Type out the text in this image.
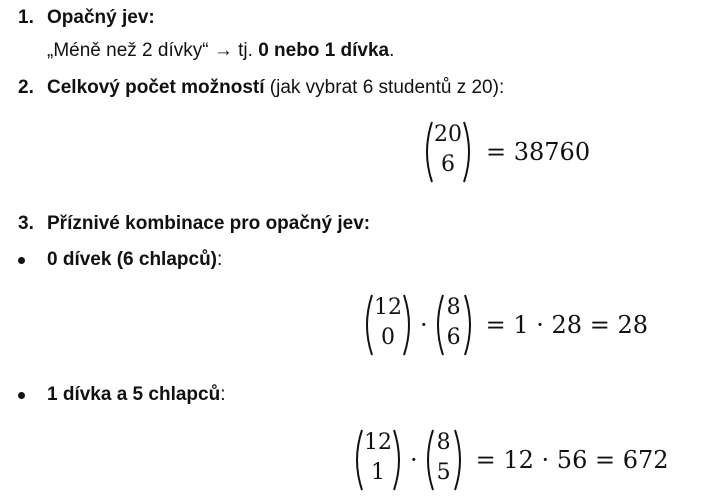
1. Opačný jev:
„Méně než 2 dívky“ → tj. 0 nebo 1 dívka.
2. Celkový počet možností (jak vybrat 6 studentů z 20):
20
6	= 38760
3. Příznivé kombinace pro opačný jev:
0 dívek (6 chlapců):
12
0	·
8
6	= 1 · 28 = 28
1 dívka a 5 chlapců:
12
1	·
8
5	= 12 · 56 = 672
